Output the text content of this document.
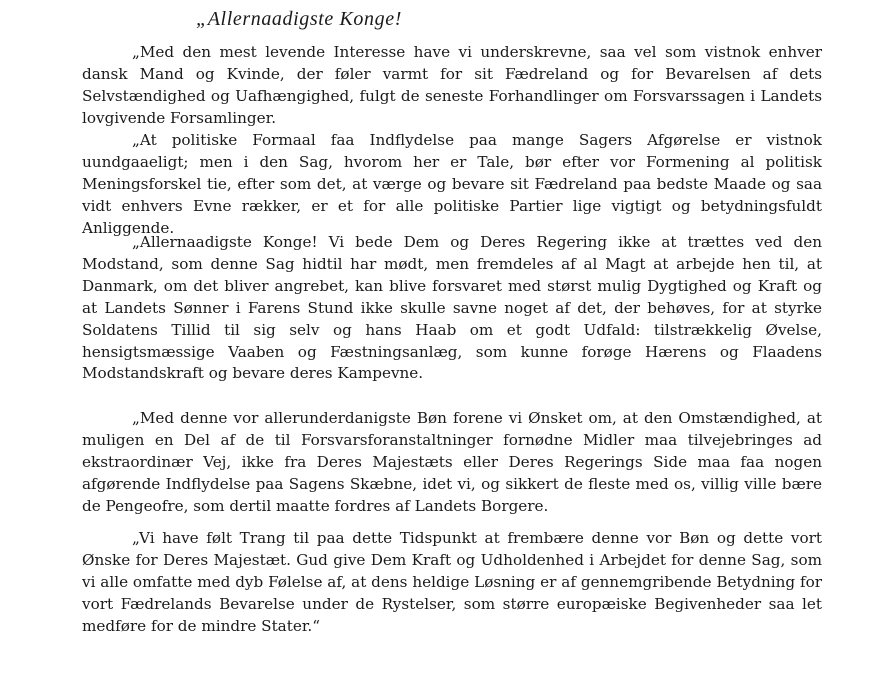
„Allernaadigste Konge!

„Med den mest levende Interesse have vi underskrevne, saa vel som vistnok enhver dansk Mand og Kvinde, der føler varmt for sit Fædreland og for Bevarelsen af dets Selvstændighed og Uafhængighed, fulgt de seneste Forhandlinger om Forsvarssagen i Landets lovgivende Forsamlinger.

„At politiske Formaal faa Indflydelse paa mange Sagers Afgørelse er vistnok uundgaaeligt; men i den Sag, hvorom her er Tale, bør efter vor Formening al politisk Meningsforskel tie, efter som det, at værge og bevare sit Fædreland paa bedste Maade og saa vidt enhvers Evne rækker, er et for alle politiske Partier lige vigtigt og betydningsfuldt Anliggende.

„Allernaadigste Konge! Vi bede Dem og Deres Regering ikke at trættes ved den Modstand, som denne Sag hidtil har mødt, men fremdeles af al Magt at arbejde hen til, at Danmark, om det bliver angrebet, kan blive forsvaret med størst mulig Dygtighed og Kraft og at Landets Sønner i Farens Stund ikke skulle savne noget af det, der behøves, for at styrke Soldatens Tillid til sig selv og hans Haab om et godt Udfald: tilstrækkelig Øvelse, hensigtsmæssige Vaaben og Fæstningsanlæg, som kunne forøge Hærens og Flaadens Modstandskraft og bevare deres Kampevne.

„Med denne vor allerunderdanigste Bøn forene vi Ønsket om, at den Omstændighed, at muligen en Del af de til Forsvarsforanstaltninger fornødne Midler maa tilvejebringes ad ekstraordinær Vej, ikke fra Deres Majestæts eller Deres Regerings Side maa faa nogen afgørende Indflydelse paa Sagens Skæbne, idet vi, og sikkert de fleste med os, villig ville bære de Pengeofre, som dertil maatte fordres af Landets Borgere.

„Vi have følt Trang til paa dette Tidspunkt at frembære denne vor Bøn og dette vort Ønske for Deres Majestæt. Gud give Dem Kraft og Udholdenhed i Arbejdet for denne Sag, som vi alle omfatte med dyb Følelse af, at dens heldige Løsning er af gennemgribende Betydning for vort Fædrelands Bevarelse under de Rystelser, som større europæiske Begivenheder saa let medføre for de mindre Stater.“
